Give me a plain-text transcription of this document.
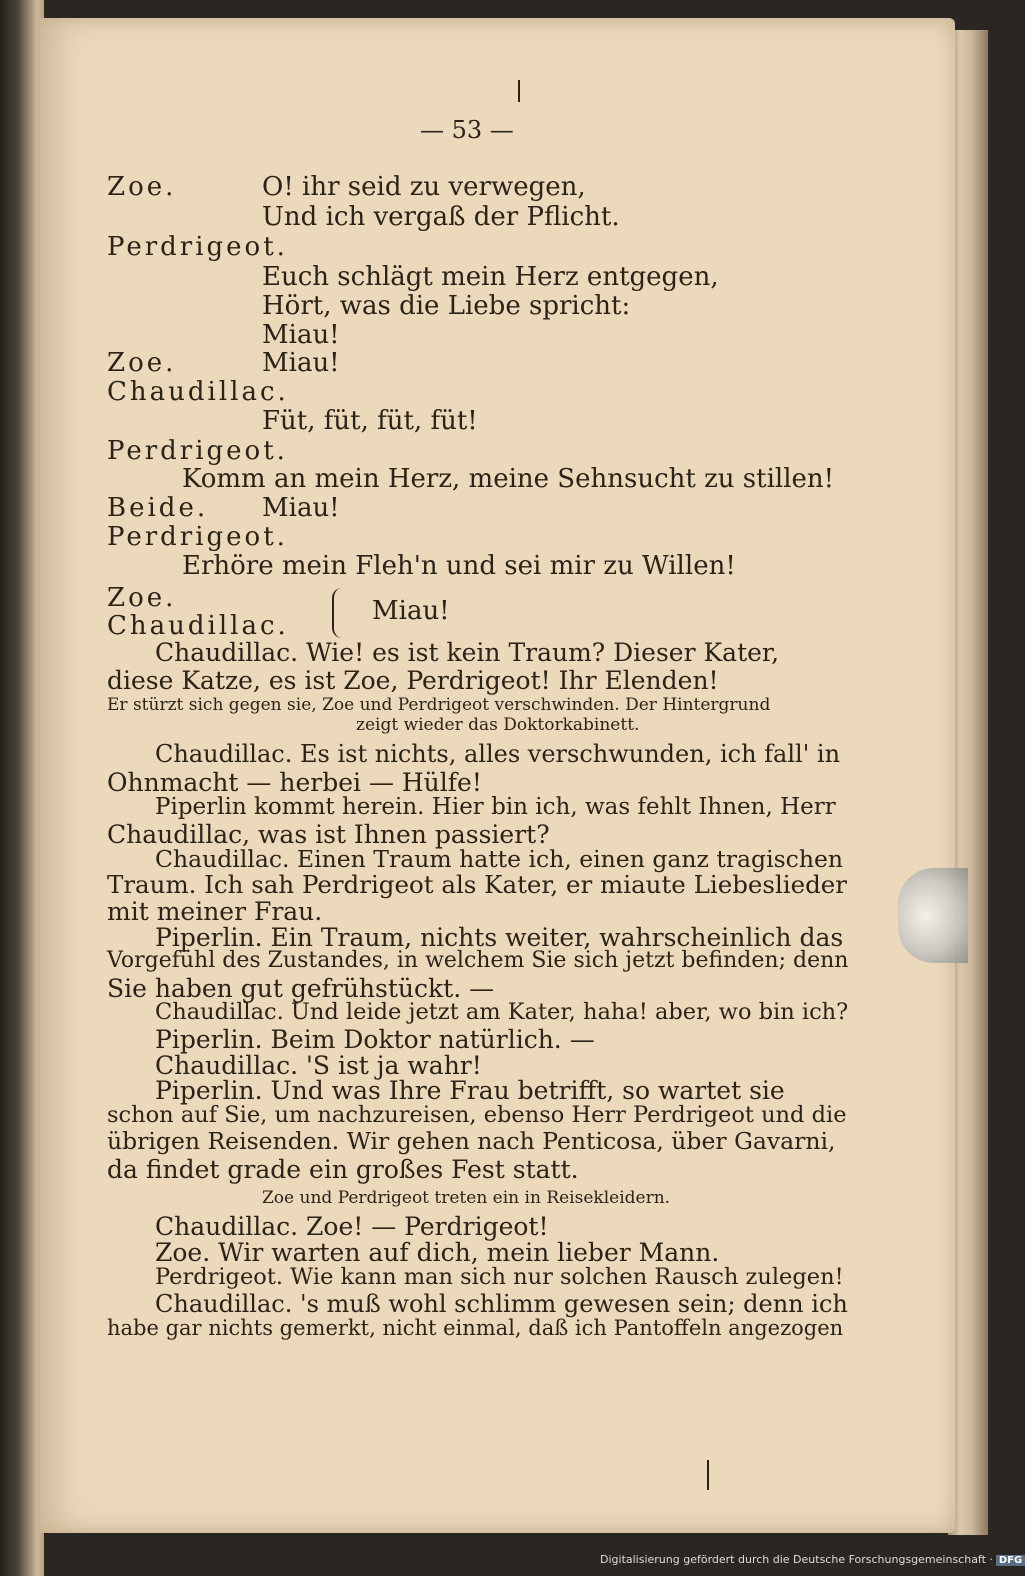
— 53 —
Zoe.	O! ihr seid zu verwegen,
Und ich vergaß der Pflicht.
Perdrigeot.
Euch schlägt mein Herz entgegen,
Hört, was die Liebe spricht:
Miau!
Zoe.	Miau!
Chaudillac.
Füt, füt, füt, füt!
Perdrigeot.
Komm an mein Herz, meine Sehnsucht zu stillen!
Beide. Miau!
Perdrigeot.
Erhöre mein Fleh'n und sei mir zu Willen!
Zoe.	Miau!
Chaudillac.
Chaudillac. Wie! es ist kein Traum? Dieser Kater,
diese Katze, es ist Zoe, Perdrigeot! Ihr Elenden!
Er stürzt sich gegen sie, Zoe und Perdrigeot verschwinden. Der Hintergrund
zeigt wieder das Doktorkabinett.
Chaudillac. Es ist nichts, alles verschwunden, ich fall' in
Ohnmacht — herbei — Hülfe!
Piperlin kommt herein. Hier bin ich, was fehlt Ihnen, Herr
Chaudillac, was ist Ihnen passiert?
Chaudillac. Einen Traum hatte ich, einen ganz tragischen
Traum. Ich sah Perdrigeot als Kater, er miaute Liebeslieder
mit meiner Frau.
Piperlin. Ein Traum, nichts weiter, wahrscheinlich das
Vorgefühl des Zustandes, in welchem Sie sich jetzt befinden; denn
Sie haben gut gefrühstückt. —
Chaudillac. Und leide jetzt am Kater, haha! aber, wo bin ich?
Piperlin. Beim Doktor natürlich. —
Chaudillac. 'S ist ja wahr!
Piperlin. Und was Ihre Frau betrifft, so wartet sie
schon auf Sie, um nachzureisen, ebenso Herr Perdrigeot und die
übrigen Reisenden. Wir gehen nach Penticosa, über Gavarni,
da findet grade ein großes Fest statt.
Zoe und Perdrigeot treten ein in Reisekleidern.
Chaudillac. Zoe! — Perdrigeot!
Zoe. Wir warten auf dich, mein lieber Mann.
Perdrigeot. Wie kann man sich nur solchen Rausch zulegen!
Chaudillac. 's muß wohl schlimm gewesen sein; denn ich
habe gar nichts gemerkt, nicht einmal, daß ich Pantoffeln angezogen
Digitalisierung gefördert durch die Deutsche Forschungsgemeinschaft · DFG
